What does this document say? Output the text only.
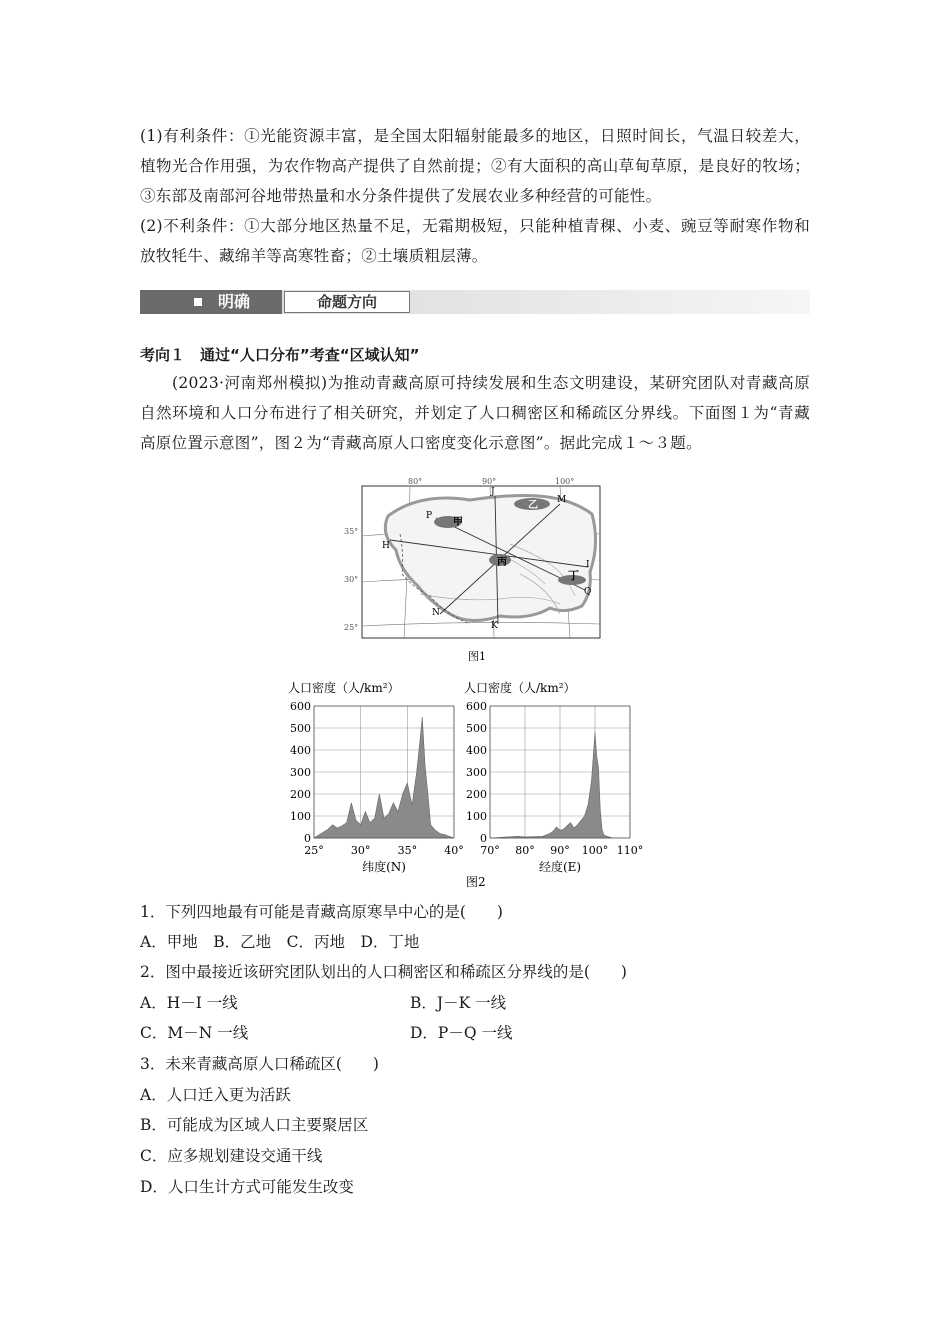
(1)有利条件：①光能资源丰富，是全国太阳辐射能最多的地区，日照时间长，气温日较差大，植物光合作用强，为农作物高产提供了自然前提；②有大面积的高山草甸草原，是良好的牧场；③东部及南部河谷地带热量和水分条件提供了发展农业多种经营的可能性。
(2)不利条件：①大部分地区热量不足，无霜期极短，只能种植青稞、小麦、豌豆等耐寒作物和放牧牦牛、藏绵羊等高寒牲畜；②土壤质粗层薄。
明确	命题方向
考向１　通过“人口分布”考查“区域认知”
(2023·河南郑州模拟)为推动青藏高原可持续发展和生态文明建设，某研究团队对青藏高原自然环境和人口分布进行了相关研究，并划定了人口稠密区和稀疏区分界线。下面图１为“青藏高原位置示意图”，图２为“青藏高原人口密度变化示意图”。据此完成１～３题。
甲
乙
丙
丁
J
M
P
H
I
Q
N
K
80°	90°	100°
35°
30°
25°
图1
图2
人口密度（人/km²）
600
500
400
300
200
100
0
25° 30° 35° 40°
纬度(N)
人口密度（人/km²）
600
500
400
300
200
100
0
70° 80° 90° 100° 110°
经度(E)
1．下列四地最有可能是青藏高原寒旱中心的是(　　)
A．甲地　B．乙地　C．丙地　D．丁地
2．图中最接近该研究团队划出的人口稠密区和稀疏区分界线的是(　　)
A．H－I 一线	B．J－K 一线
C．M－N 一线	D．P－Q 一线
3．未来青藏高原人口稀疏区(　　)
A．人口迁入更为活跃
B．可能成为区域人口主要聚居区
C．应多规划建设交通干线
D．人口生计方式可能发生改变
